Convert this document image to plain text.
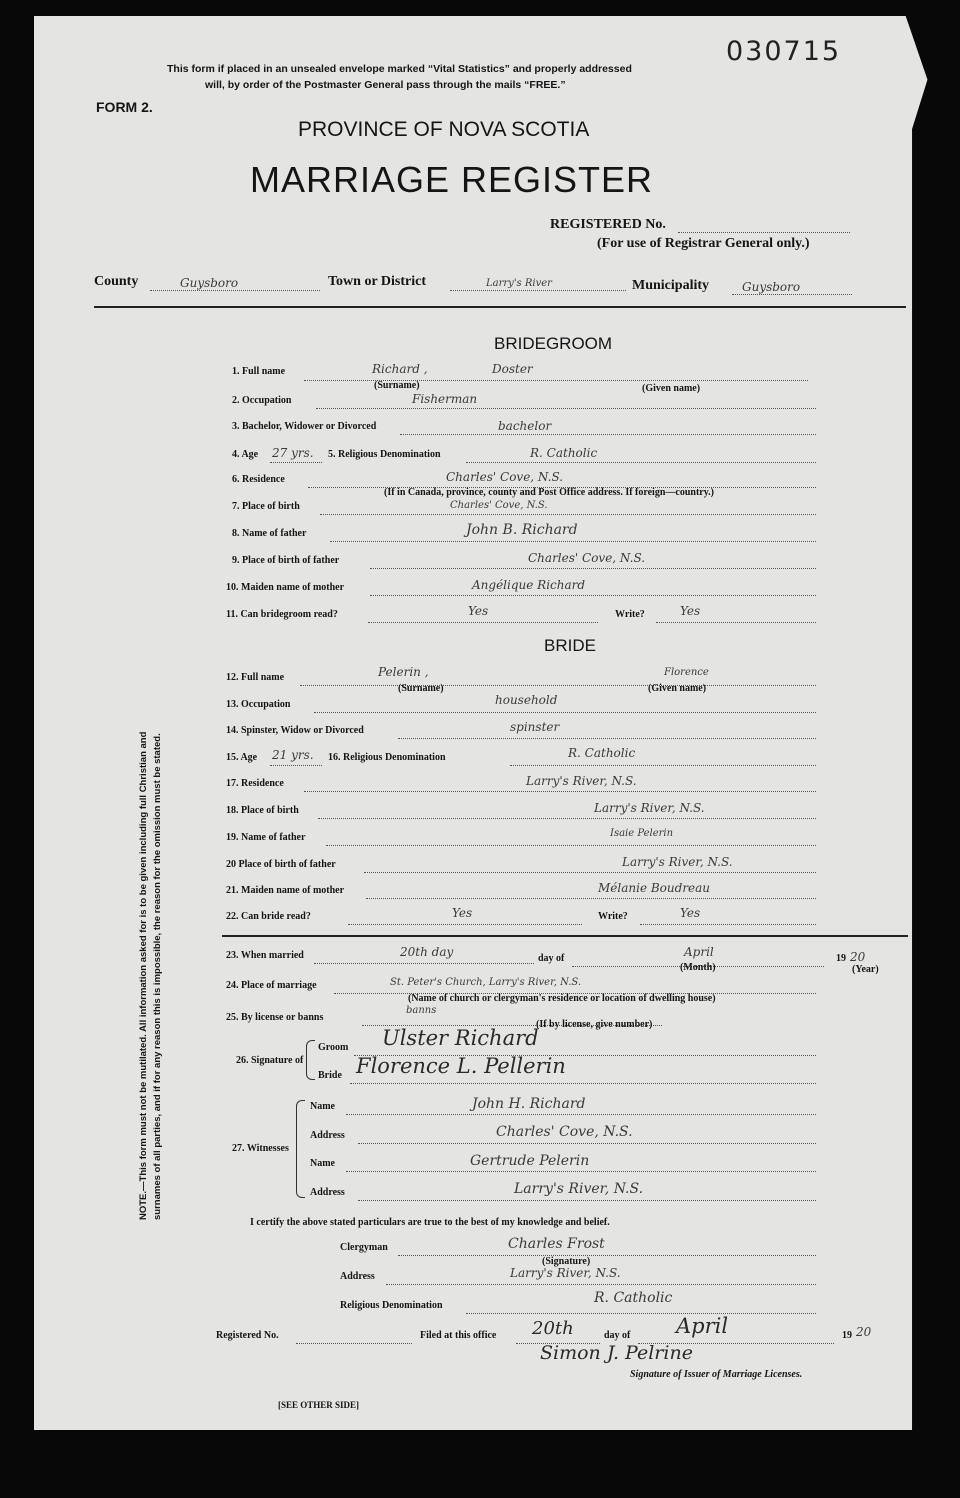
030715
This form if placed in an unsealed envelope marked “Vital Statistics” and properly addressed
will, by order of the Postmaster General pass through the mails “FREE.”
FORM 2.
PROVINCE OF NOVA SCOTIA
MARRIAGE REGISTER
REGISTERED No.
(For use of Registrar General only.)
County	Guysboro	Town or District	Larry's River	Municipality	Guysboro
BRIDEGROOM
1. Full name	Richard ,	Doster
(Surname)	(Given name)
2. Occupation	Fisherman
3. Bachelor, Widower or Divorced	bachelor
4. Age 27 yrs. 5. Religious Denomination	R. Catholic
6. Residence	Charles' Cove, N.S.
(If in Canada, province, county and Post Office address. If foreign—country.)
7. Place of birth	Charles' Cove, N.S.
8. Name of father	John B. Richard
9. Place of birth of father	Charles' Cove, N.S.
10. Maiden name of mother	Angélique Richard
11. Can bridegroom read?	Yes	Write?	Yes
BRIDE
12. Full name	Pelerin ,	Florence
(Surname)	(Given name)
13. Occupation	household
14. Spinster, Widow or Divorced	spinster
15. Age 21 yrs. 16. Religious Denomination	R. Catholic
17. Residence	Larry's River, N.S.
18. Place of birth	Larry's River, N.S.
19. Name of father	Isaie Pelerin
20 Place of birth of father	Larry's River, N.S.
21. Maiden name of mother	Mélanie Boudreau
22. Can bride read?	Yes	Write?	Yes
23. When married	20th day	day of	April
(Month)
19 20
(Year)
24. Place of marriage	St. Peter's Church, Larry's River, N.S.
(Name of church or clergyman's residence or location of dwelling house)
25. By license or banns
banns
(If by license, give number)
26. Signature of
Groom Ulster Richard
Bride Florence L. Pellerin
27. Witnesses
Name	John H. Richard
Address	Charles' Cove, N.S.
Name	Gertrude Pelerin
Address	Larry's River, N.S.
I certify the above stated particulars are true to the best of my knowledge and belief.
Clergyman	Charles Frost
(Signature)
Address	Larry's River, N.S.
Religious Denomination	R. Catholic
Registered No.	Filed at this office 20th	day of April	19 20
Simon J. Pelrine
Signature of Issuer of Marriage Licenses.
NOTE.—This form must not be mutilated. All information asked for is to be given including full Christian and surnames of all parties, and if for any reason this is impossible, the reason for the omission must be stated.
[SEE OTHER SIDE]
